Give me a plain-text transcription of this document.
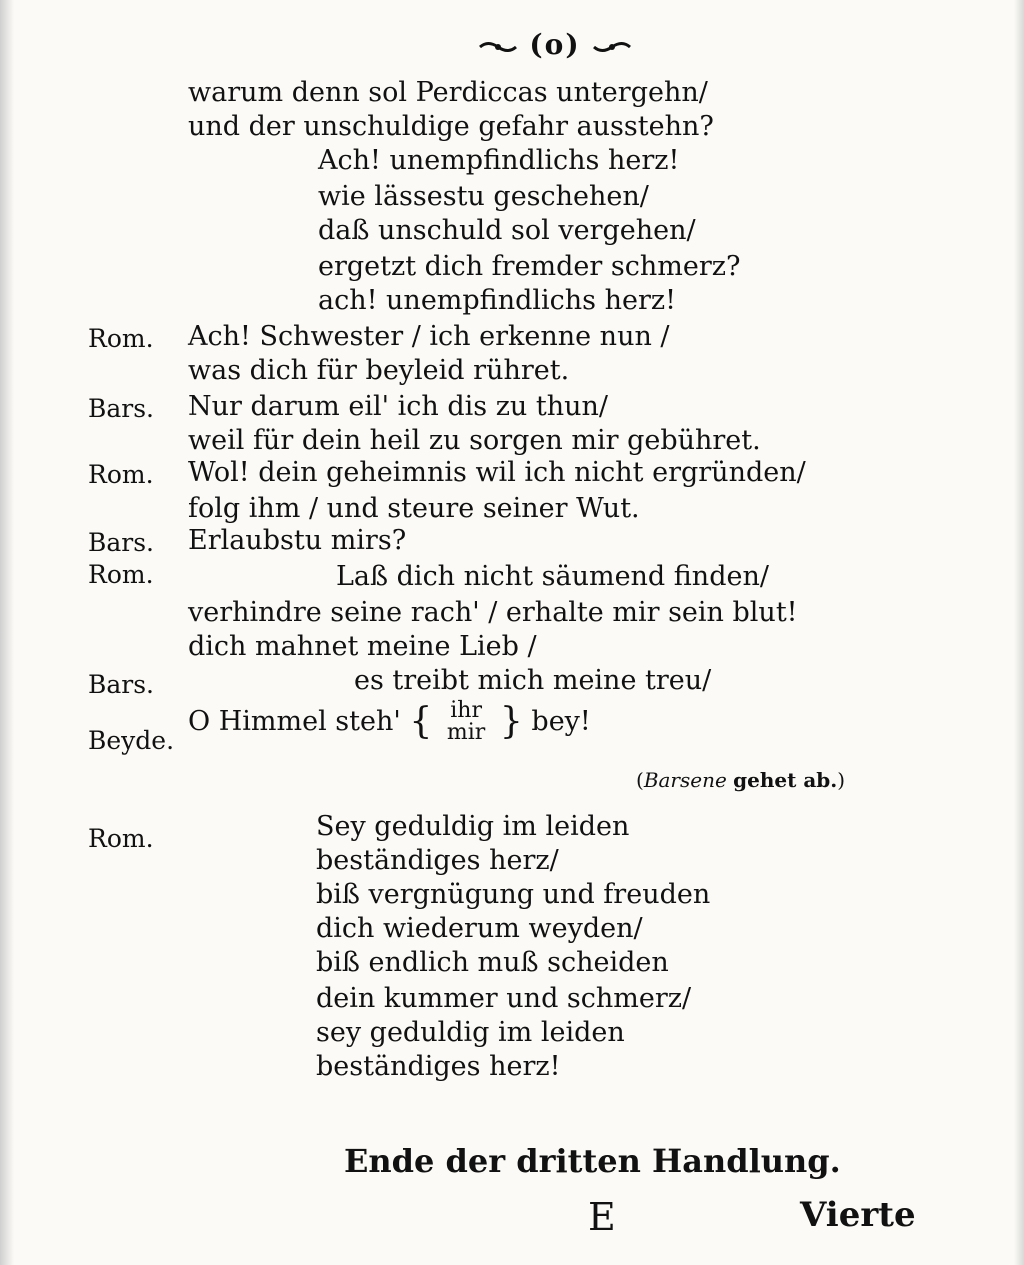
(o)
warum denn sol Perdiccas untergehn/
und der unschuldige gefahr ausstehn?
Ach! unempfindlichs herz!
wie lässestu geschehen/
daß unschuld sol vergehen/
ergetzt dich fremder schmerz?
ach! unempfindlichs herz!
Rom. Ach! Schwester / ich erkenne nun /
was dich für beyleid rühret.
Bars. Nur darum eil' ich dis zu thun/
weil für dein heil zu sorgen mir gebühret.
Rom. Wol! dein geheimnis wil ich nicht ergründen/
folg ihm / und steure seiner Wut.
Bars. Erlaubstu mirs?
Rom.	Laß dich nicht säumend finden/
verhindre seine rach' / erhalte mir sein blut!
dich mahnet meine Lieb /
Bars.	es treibt mich meine treu/
Beyde.
O Himmel steh' { ihr
mir } bey!
(Barsene gehet ab.)
Rom.	Sey geduldig im leiden
beständiges herz/
biß vergnügung und freuden
dich wiederum weyden/
biß endlich muß scheiden
dein kummer und schmerz/
sey geduldig im leiden
beständiges herz!
Ende der dritten Handlung.
E	Vierte
